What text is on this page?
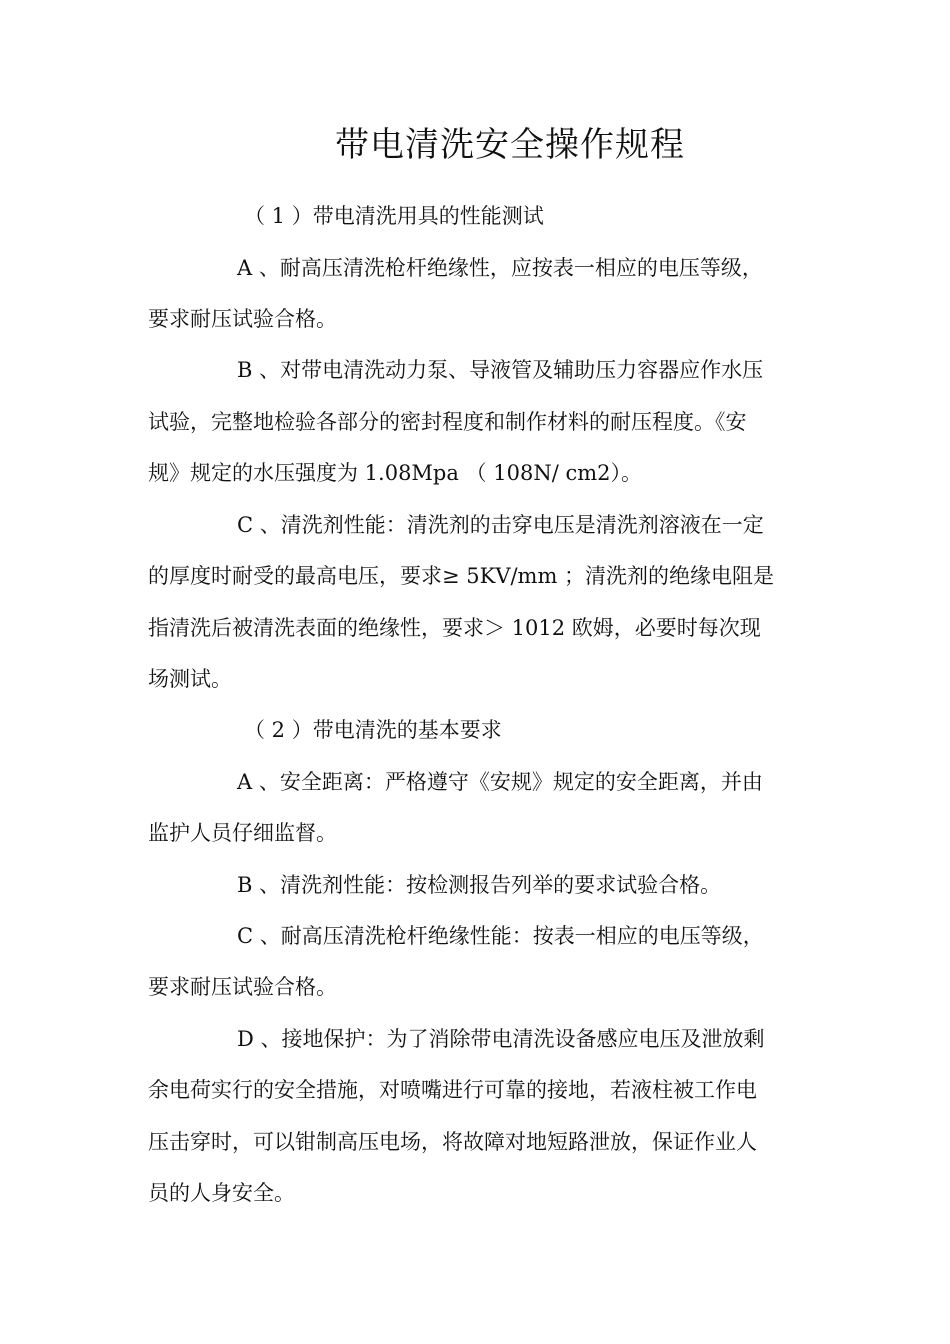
带电清洗安全操作规程
（ 1 ）带电清洗用具的性能测试
A 、耐高压清洗枪杆绝缘性，应按表一相应的电压等级，
要求耐压试验合格。
B 、对带电清洗动力泵、导液管及辅助压力容器应作水压
试验，完整地检验各部分的密封程度和制作材料的耐压程度。《安
规》规定的水压强度为 1.08Mpa （ 108N/ cm2）。
C 、清洗剂性能：清洗剂的击穿电压是清洗剂溶液在一定
的厚度时耐受的最高电压，要求≥ 5KV/mm ；清洗剂的绝缘电阻是
指清洗后被清洗表面的绝缘性，要求＞ 1012 欧姆，必要时每次现
场测试。
（ 2 ）带电清洗的基本要求
A 、安全距离：严格遵守《安规》规定的安全距离，并由
监护人员仔细监督。
B 、清洗剂性能：按检测报告列举的要求试验合格。
C 、耐高压清洗枪杆绝缘性能：按表一相应的电压等级，
要求耐压试验合格。
D 、接地保护：为了消除带电清洗设备感应电压及泄放剩
余电荷实行的安全措施，对喷嘴进行可靠的接地，若液柱被工作电
压击穿时，可以钳制高压电场，将故障对地短路泄放，保证作业人
员的人身安全。
